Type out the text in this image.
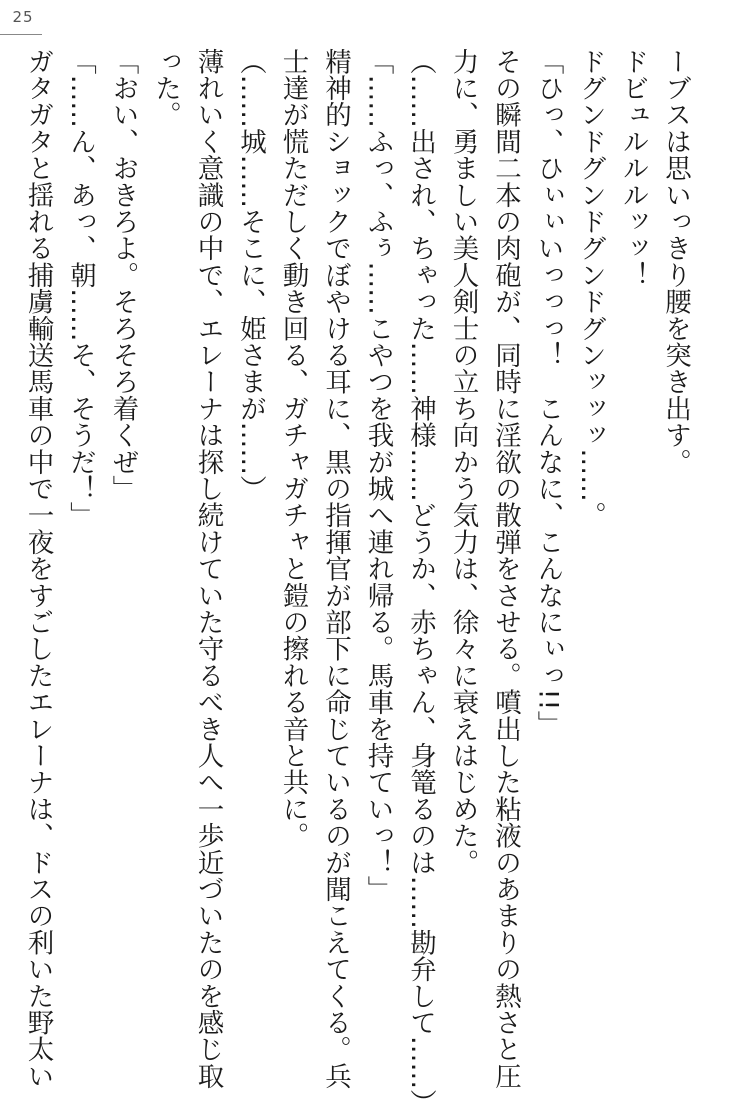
25

ーブスは思いっきり腰を突き出す。

ドビュルルルッッ！

ドグンドグンドグンドグンッッッ……。

「ひっ、ひぃぃいっっっ！　こんなに、こんなにぃっ!!」

その瞬間二本の肉砲が、同時に淫欲の散弾をさせる。噴出した粘液のあまりの熱さと圧

力に、勇ましい美人剣士の立ち向かう気力は、徐々に衰えはじめた。

（……出され、ちゃった……神様……どうか、赤ちゃん、身篭るのは……勘弁して……）

「……ふっ、ふぅ……こやつを我が城へ連れ帰る。馬車を持ていっ！」

精神的ショックでぼやける耳に、黒の指揮官が部下に命じているのが聞こえてくる。兵

士達が慌ただしく動き回る、ガチャガチャと鎧の擦れる音と共に。

（……城……そこに、姫さまが……）

薄れいく意識の中で、エレーナは探し続けていた守るべき人へ一歩近づいたのを感じ取

った。

「おい、おきろよ。そろそろ着くぜ」

「……ん、あっ、朝……そ、そうだ！」

ガタガタと揺れる捕虜輸送馬車の中で一夜をすごしたエレーナは、ドスの利いた野太い
